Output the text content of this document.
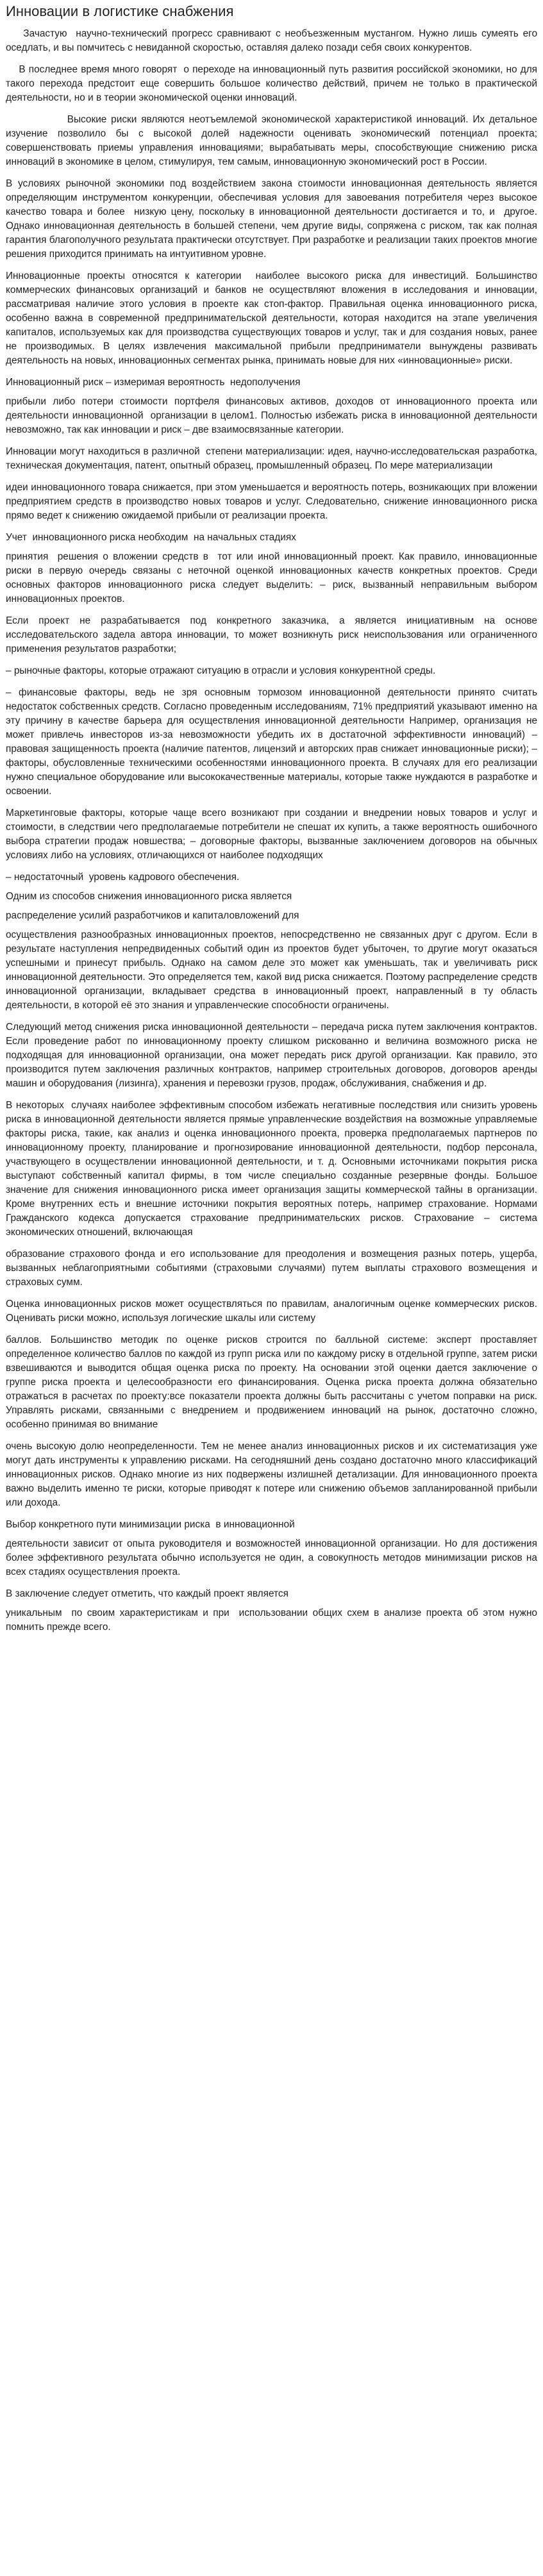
Инновации в логистике снабжения

Зачастую  научно-технический прогресс сравнивают с необъезженным мустангом. Нужно лишь сумеять его оседлать, и вы помчитесь с невиданной скоростью, оставляя далеко позади себя своих конкурентов.

В последнее время много говорят  о переходе на инновационный путь развития российской экономики, но для  такого перехода предстоит еще совершить большое количество действий, причем не только в практической деятельности, но и в теории экономической оценки инноваций.

Высокие риски являются неотъемлемой экономической характеристикой инноваций. Их детальное изучение позволило бы с высокой долей надежности оценивать экономический потенциал проекта; совершенствовать приемы управления инновациями; вырабатывать меры, способствующие снижению риска инноваций в экономике в целом, стимулируя, тем самым, инновационную экономический рост в России.

В условиях рыночной экономики под воздействием закона стоимости инновационная деятельность являетcя определяющим инструментом конкуренции, обеспечивая условия для завоевания потребителя через высокое качество товара и более  низкую цену, поскольку в инновационной деятельности достигается и то, и  другое. Однако инновационная деятельность в большей степени, чем другие виды, сопряжена с риском, так как полная гарантия благополучного результата практически отсутствует. При разработке и реализации таких проектов многие решения приходится принимать на интуитивном уровне.

Инновационные проекты относятся к категории  наиболее высокого риска для инвестиций. Большинство коммерческих финансовых организаций и банков не осуществляют вложения в исследования и инновации, рассматривая наличие этого условия в проекте как стоп-фактор. Правильная оценка инновационного риска, особенно важна в современной предпринимательской деятельности, которая находится на этапе увеличения капиталов, используемых как для производства существующих товаров и услуг, так и для создания новых, ранее не производимых. В целях извлечения максимальной прибыли предприниматели вынуждены развивать деятельность на новых, инновационных сегментах рынка, принимать новые для них «инновационные» риски.

Инновационный риск – измеримая вероятность  недополучения

прибыли либо потери стоимости портфеля финансовых активов, доходов от инновационного проекта или деятельности инновационной  организации в целом1. Полностью избежать риска в инновационной деятельности невозможно, так как инновации и риск – две взаимосвязанные категории.

Инновации могут находиться в различной  степени материализации: идея, научно-исследовательская разработка, техническая документация, патент, опытный образец, промышленный образец. По мере материализации

идеи инновационного товара снижается, при этом уменьшается и вероятность потерь, возникающих при вложении предприятием средств в производство новых товаров и услуг. Следовательно, снижение инновационного риска прямо ведет к снижению ожидаемой прибыли от реализации проекта.

Учет  инновационного риска необходим  на начальных стадиях

принятия  решения о вложении средств в  тот или иной инновационный проект. Как правило, инновационные риски в первую очередь связаны с неточной оценкой инновационных качеств конкретных проектов. Среди основных факторов инновационного риска следует выделить: – риск, вызванный неправильным выбором инновационных проектов.

Если проект не разрабатывается под конкретного заказчика, а является инициативным на основе исследовательского задела автора инновации, то может возникнуть риск неиспользования или ограниченного применения результатов разработки;

– рыночные факторы, которые отражают ситуацию в отрасли и условия конкурентной среды.

– финансовые факторы, ведь не зря основным тормозом инновационной деятельности принято считать недостаток собственных средств. Согласно проведенным исследованиям, 71% предприятий указывают именно на эту причину в качестве барьера для осуществления инновационной деятельности Например, организация не может привлечь инвесторов из-за невозможности убедить их в достаточной эффективности инноваций) – правовая защищенность проекта (наличие патентов, лицензий и авторских прав снижает инновационные риски); – факторы, обусловленные техническими особенностями инновационного проекта. В случаях для его реализации нужно специальное оборудование или высококачественные материалы, которые также нуждаются в разработке и освоении.

Маркетинговые факторы, которые чаще всего возникают при создании и внедрении новых товаров и услуг и стоимости, в следствии чего предполагаемые потребители не спешат их купить, а также вероятность ошибочного выбора стратегии продаж новшества; – договорные факторы, вызванные заключением договоров на обычных условиях либо на условиях, отличающихся от наиболее подходящих

– недостаточный  уровень кадрового обеспечения.

Одним из способов снижения инновационного риска является

распределение усилий разработчиков и капиталовложений для

осуществления разнообразных инновационных проектов, непосредственно не связанных друг с другом. Если в результате наступления непредвиденных событий один из проектов будет убыточен, то другие могут оказаться успешными и принесут прибыль. Однако на самом деле это может как уменьшать, так и увеличивать риск инновационной деятельности. Это определяется тем, какой вид риска снижается. Поэтому распределение средств инновационной организации, вкладывает средства в инновационный проект, направленный в ту область деятельности, в которой её это знания и управленческие способности ограничены.

Следующий метод снижения риска инновационной деятельности – передача риска путем заключения контрактов. Если проведение работ по инновационному проекту слишком рискованно и величина возможного риска не подходящая для инновационной организации, она может передать риск другой организации. Как правило, это производится путем заключения различных контрактов, например строительных договоров, договоров аренды машин и оборудования (лизинга), хранения и перевозки грузов, продаж, обслуживания, снабжения и др.

В некоторых  случаях наиболее эффективным способом избежать негативные последствия или снизить уровень риска в инновационной деятельности является прямые управленческие воздействия на возможные управляемые факторы риска, такие, как анализ и оценка инновационного проекта, проверка предполагаемых партнеров по инновационному проекту, планирование и прогнозирование инновационной деятельности, подбор персонала, участвующего в осуществлении инновационной деятельности, и т. д. Основными источниками покрытия риска выступают собственный капитал фирмы, в том числе специально созданные резервные фонды. Большое значение для снижения инновационного риска имеет организация защиты коммерческой тайны в организации. Кроме внутренних есть и внешние источники покрытия вероятных потерь, например страхование. Нормами Гражданского кодекса допускается страхование предпринимательских рисков. Страхование – система экономических отношений, включающая

образование страхового фонда и его использование для преодоления и возмещения разных потерь, ущерба, вызванных неблагоприятными событиями (страховыми случаями) путем выплаты страхового возмещения и страховых сумм.

Оценка инновационных рисков может осуществляться по правилам, аналогичным оценке коммерческих рисков. Оценивать риски можно, используя логические шкалы или систему

баллов. Большинство методик по оценке рисков строится по балльной системе: эксперт проставляет определенное количество баллов по каждой из групп риска или по каждому риску в отдельной группе, затем риски взвешиваются и выводится общая оценка риска по проекту. На основании этой оценки дается заключение о группе риска проекта и целесообразности его финансирования. Оценка риска проекта должна обязательно отражаться в расчетах по проекту:все показатели проекта должны быть рассчитаны с учетом поправки на риск. Управлять рисками, связанными с внедрением и продвижением инноваций на рынок, достаточно сложно, особенно принимая во внимание

очень высокую долю неопределенности. Тем не менее анализ инновационных рисков и их систематизация уже могут дать инструменты к управлению рисками. На сегодняшний день создано достаточно много классификаций инновационных рисков. Однако многие из них подвержены излишней детализации. Для инновационного проекта важно выделить именно те риски, которые приводят к потере или снижению объемов запланированной прибыли или дохода.

Выбор конкретного пути минимизации риска  в инновационной

деятельности зависит от опыта руководителя и возможностей инновационной организации. Но для достижения более эффективного результата обычно используется не один, а совокупность методов минимизации рисков на всех стадиях осуществления проекта.

В заключение следует отметить, что каждый проект является

уникальным  по своим характеристикам и при  использовании общих схем в анализе проекта об этом нужно помнить прежде всего.
